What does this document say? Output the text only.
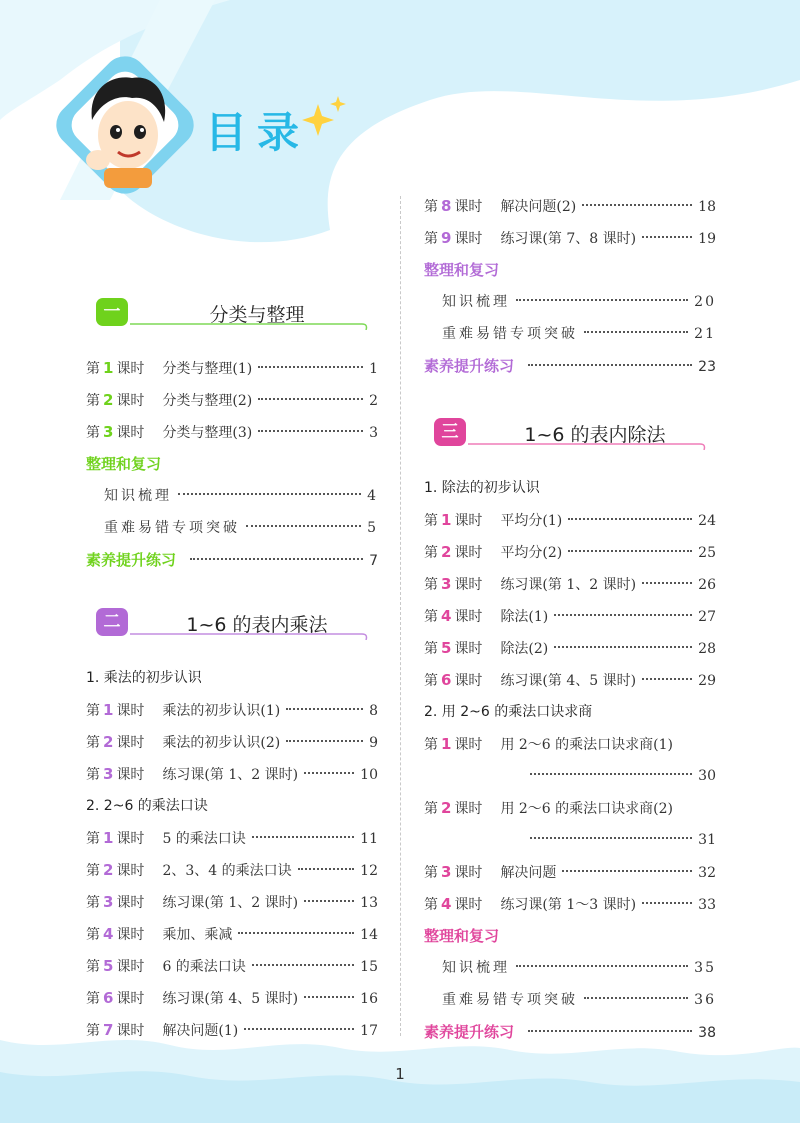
目录
一	分类与整理
第 1 课时 分类与整理(1)	1
第 2 课时 分类与整理(2)	2
第 3 课时 分类与整理(3)	3
整理和复习
知识梳理	4
重难易错专项突破	5
素养提升练习	7
二	1~6 的表内乘法
1. 乘法的初步认识
第 1 课时 乘法的初步认识(1)	8
第 2 课时 乘法的初步认识(2)	9
第 3 课时 练习课(第 1、2 课时)	10
2. 2~6 的乘法口诀
第 1 课时 5 的乘法口诀	11
第 2 课时 2、3、4 的乘法口诀	12
第 3 课时 练习课(第 1、2 课时)	13
第 4 课时 乘加、乘减	14
第 5 课时 6 的乘法口诀	15
第 6 课时 练习课(第 4、5 课时)	16
第 7 课时 解决问题(1)	17
第 8 课时 解决问题(2)	18
第 9 课时 练习课(第 7、8 课时)	19
整理和复习
知识梳理	20
重难易错专项突破	21
素养提升练习	23
三	1~6 的表内除法
1. 除法的初步认识
第 1 课时 平均分(1)	24
第 2 课时 平均分(2)	25
第 3 课时 练习课(第 1、2 课时)	26
第 4 课时 除法(1)	27
第 5 课时 除法(2)	28
第 6 课时 练习课(第 4、5 课时)	29
2. 用 2~6 的乘法口诀求商
第 1 课时 用 2～6 的乘法口诀求商(1)
30
第 2 课时 用 2～6 的乘法口诀求商(2)
31
第 3 课时 解决问题	32
第 4 课时 练习课(第 1～3 课时)	33
整理和复习
知识梳理	35
重难易错专项突破	36
素养提升练习	38
1
